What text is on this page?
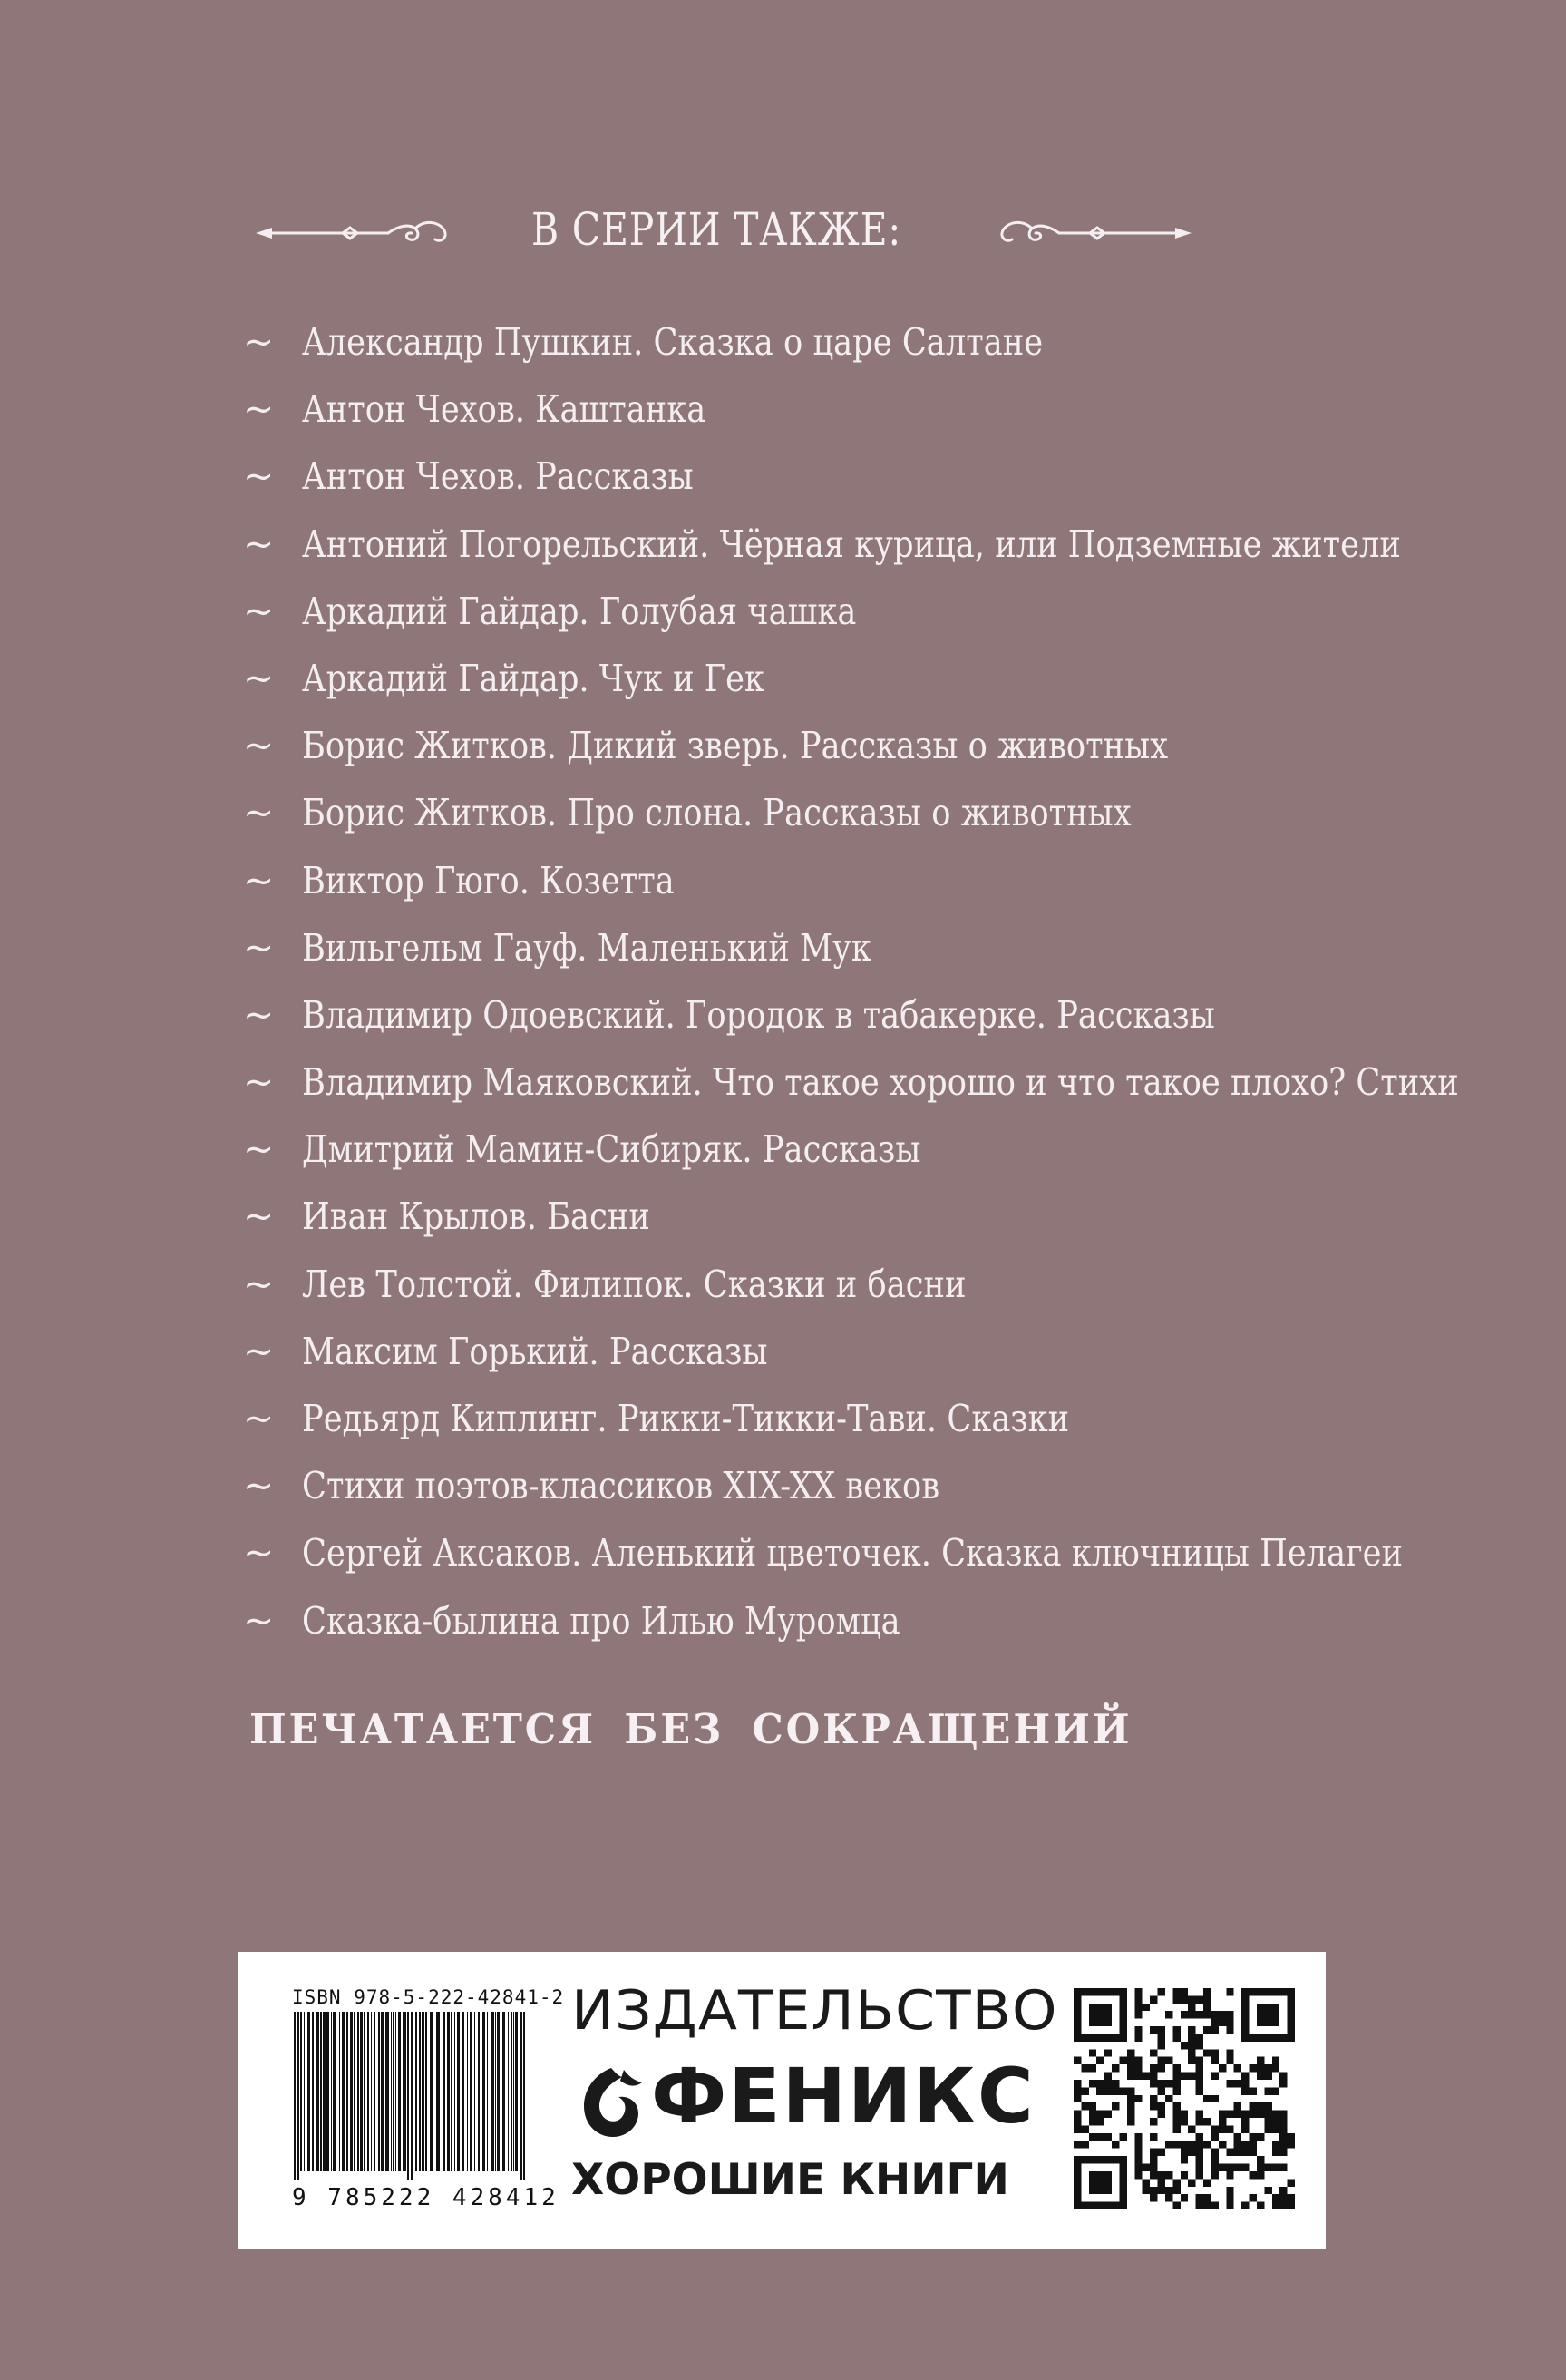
В СЕРИИ ТАКЖЕ:
~ Александр Пушкин. Сказка о царе Салтане
~ Антон Чехов. Каштанка
~ Антон Чехов. Рассказы
~ Антоний Погорельский. Чёрная курица, или Подземные жители
~ Аркадий Гайдар. Голубая чашка
~ Аркадий Гайдар. Чук и Гек
~ Борис Житков. Дикий зверь. Рассказы о животных
~ Борис Житков. Про слона. Рассказы о животных
~ Виктор Гюго. Козетта
~ Вильгельм Гауф. Маленький Мук
~ Владимир Одоевский. Городок в табакерке. Рассказы
~ Владимир Маяковский. Что такое хорошо и что такое плохо? Стихи
~ Дмитрий Мамин-Сибиряк. Рассказы
~ Иван Крылов. Басни
~ Лев Толстой. Филипок. Сказки и басни
~ Максим Горький. Рассказы
~ Редьярд Киплинг. Рикки-Тикки-Тави. Сказки
~ Стихи поэтов-классиков XIX-XX веков
~ Сергей Аксаков. Аленький цветочек. Сказка ключницы Пелагеи
~ Сказка-былина про Илью Муромца
ПЕЧАТАЕТСЯ БЕЗ СОКРАЩЕНИЙ
ISBN 978-5-222-42841-2
9 785222 428412
ИЗДАТЕЛЬСТВО
ФЕНИКС
ХОРОШИЕ КНИГИ
